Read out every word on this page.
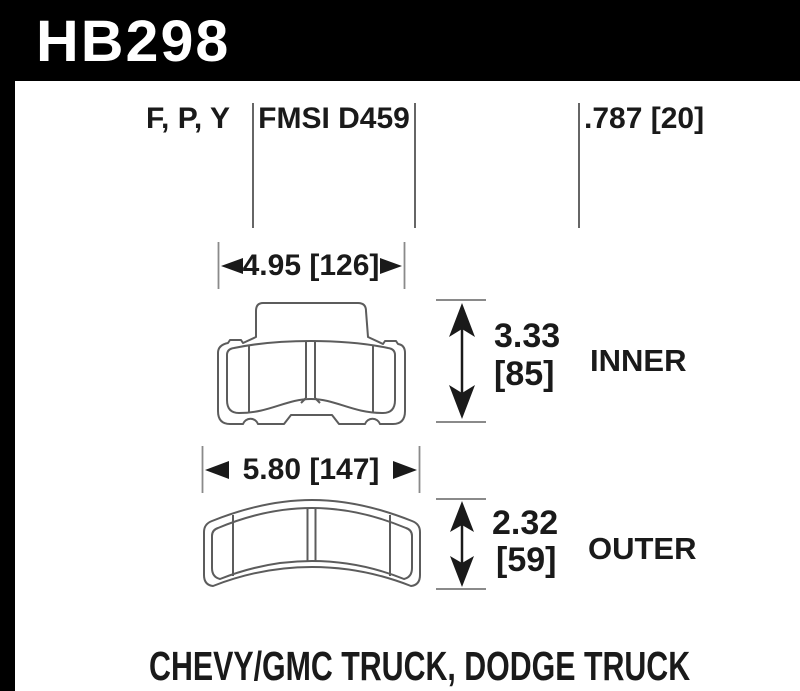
HB298
F, P, Y FMSI D459	.787 [20]
4.95 [126]
3.33
[85] INNER
5.80 [147]
2.32
[59] OUTER
CHEVY/GMC TRUCK, DODGE TRUCK
